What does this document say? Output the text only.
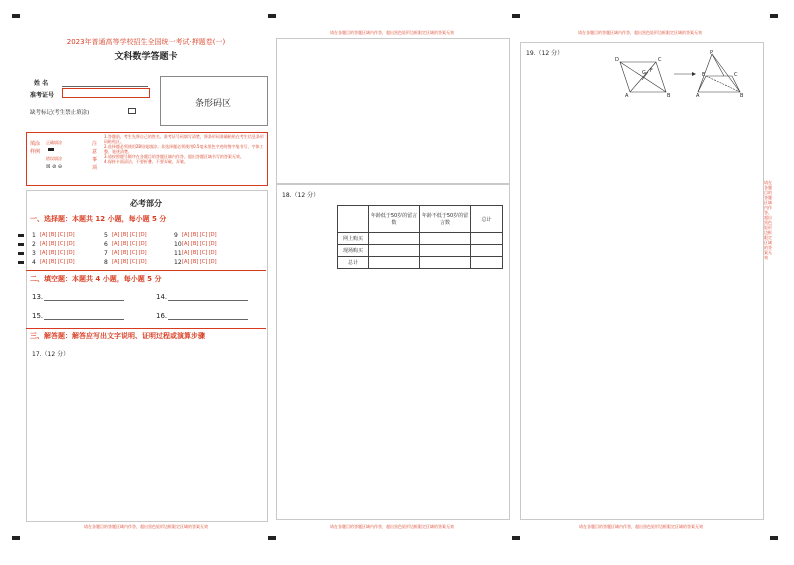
2023年普通高等学校招生全国统一考试·押题卷(一)
文科数学答题卡
姓 名
准考证号
缺考标记(考生禁止填涂)
条形码区
填涂样例
正确填涂
错误填涂
☒ ⊘ ⊖
注意事项
1.答题前，考生先将自己的姓名、准考证号码填写清楚，将条形码准确粘贴在考生信息条形码粘贴区。
2.选择题必须使用2B铅笔填涂；非选择题必须使用0.5毫米黑色字迹的签字笔书写，字体工整、笔迹清楚。
3.请按照题号顺序在各题目的答题区域内作答，超出答题区域书写的答案无效。
4.保持卡面清洁，不要折叠、不要弄破、弄皱。
必考部分
一、选择题：本题共 12 小题，每小题 5 分
二、填空题：本题共 4 小题，每小题 5 分
13.	14.
15.	16.
三、解答题：解答应写出文字说明、证明过程或演算步骤
17.（12 分）
请在各题目的答题区域内作答，超出黑色矩形边框限定区域的答案无效
请在各题目的答题区域内作答，超出黑色矩形边框限定区域的答案无效
18.（12 分）
	年龄低于50岁的留言数	年龄不低于50岁的留言数	总计
网上购买			
现场购买			
总计			
请在各题目的答题区域内作答，超出黑色矩形边框限定区域的答案无效
请在各题目的答题区域内作答，超出黑色矩形边框限定区域的答案无效
19.（12 分）
D	C
G F
A	B
P
C
E
A	B
请在各题目的答题区域内作答，超出黑色矩形边框限定区域的答案无效
请在各题目的答题区域内作答，超出黑色矩形边框限定区域的答案无效
1 [A] [B] [C] [D]	5 [A] [B] [C] [D]	9 [A] [B] [C] [D]
2 [A] [B] [C] [D]	6 [A] [B] [C] [D]	10 [A] [B] [C] [D]
3 [A] [B] [C] [D]	7 [A] [B] [C] [D]	11 [A] [B] [C] [D]
4 [A] [B] [C] [D]	8 [A] [B] [C] [D]	12 [A] [B] [C] [D]
